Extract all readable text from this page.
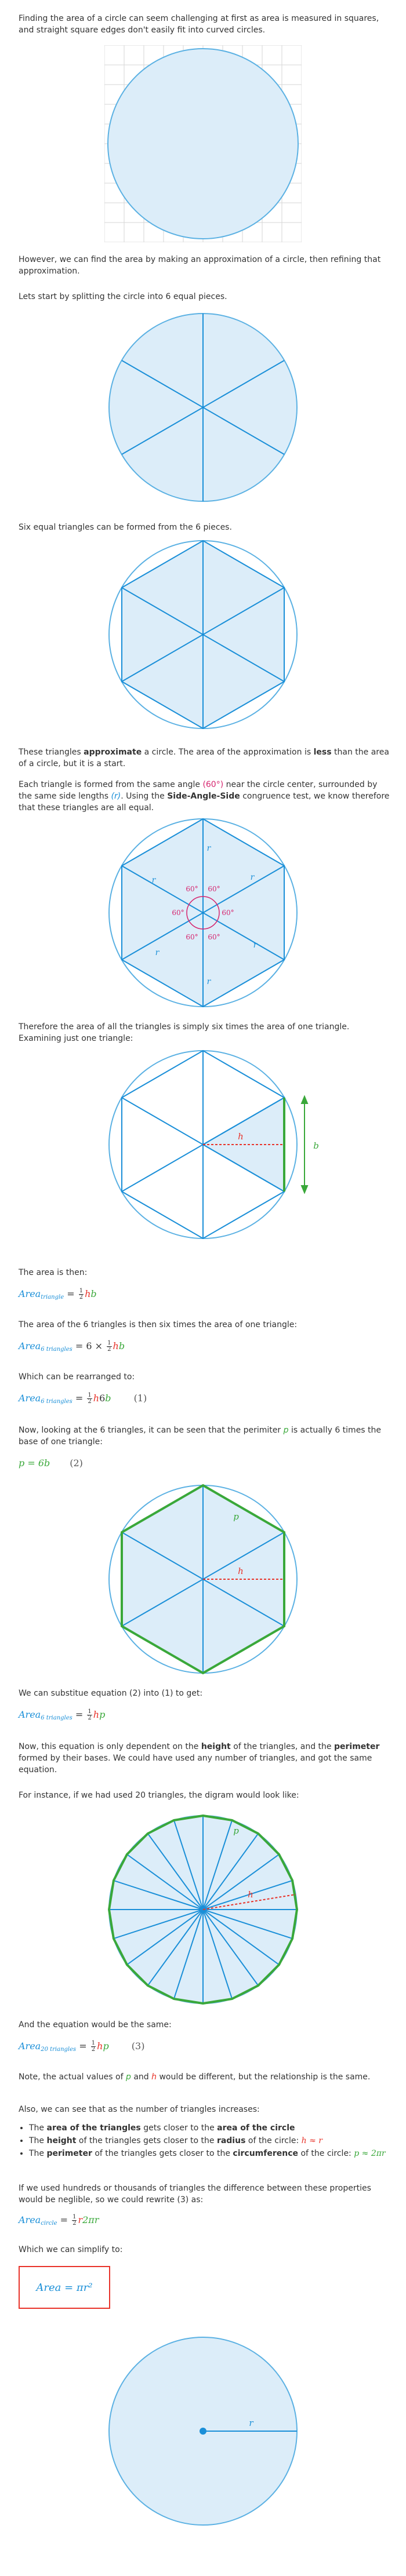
Finding the area of a circle can seem challenging at first as area is measured in squares, and straight square edges don't easily fit into curved circles.

However, we can find the area by making an approximation of a circle, then refining that approximation.

Lets start by splitting the circle into 6 equal pieces.

Six equal triangles can be formed from the 6 pieces.

These triangles approximate a circle. The area of the approximation is less than the area of a circle, but it is a start.

Each triangle is formed from the same angle (60°) near the circle center, surrounded by the same side lengths (r). Using the Side-Angle-Side congruence test, we know therefore that these triangles are all equal.

60° 60°
60°	60°
60° 60°
r
r
r
r
r
r

Therefore the area of all the triangles is simply six times the area of one triangle. Examining just one triangle:

h
b

The area is then:

Area$_{triangle}$ = $\frac{1}{2}$ hb

The area of the 6 triangles is then six times the area of one triangle:

Area$_{6 triangles}$ = $6 \times \frac{1}{2}$ hb

Which can be rearranged to:

Area$_{6 triangles}$ = $\frac{1}{2} h6b$ (1)

Now, looking at the 6 triangles, it can be seen that the perimiter p is actually 6 times the base of one triangle:

p = 6b (2)
h
p

We can substitue equation (2) into (1) to get:

Area$_{6 triangles}$ = $\frac{1}{2}$ hp

Now, this equation is only dependent on the height of the triangles, and the perimeter formed by their bases. We could have used any number of triangles, and got the same equation.

For instance, if we had used 20 triangles, the digram would look like:

h
p

And the equation would be the same:

Area$_{20 triangles}$ = $\frac{1}{2}$ hp (3)

Note, the actual values of p and h would be different, but the relationship is the same.

Also, we can see that as the number of triangles increases:

• The area of the triangles gets closer to the area of the circle
• The height of the triangles gets closer to the radius of the circle: h ≈ r
• The perimeter of the triangles gets closer to the circumference of the circle: p ≈ 2πr

If we used hundreds or thousands of triangles the difference between these properties would be neglible, so we could rewrite (3) as:

Area$_{circle}$ = $\frac{1}{2} r2\pi r$

Which we can simplify to:

Area = πr²
r
